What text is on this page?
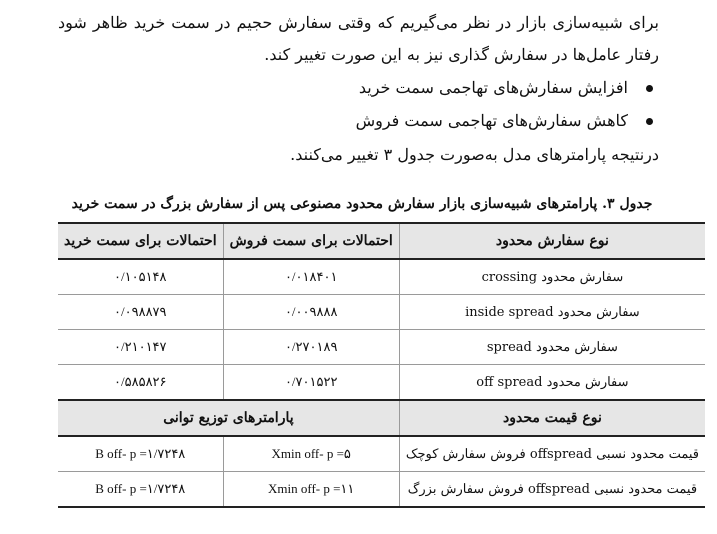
برای شبیه‌سازی بازار در نظر می‌گیریم که وقتی سفارش حجیم در سمت خرید ظاهر شود
رفتار عامل‌ها در سفارش گذاری نیز به این صورت تغییر کند.
افزایش سفارش‌های تهاجمی سمت خرید
کاهش سفارش‌های تهاجمی سمت فروش
درنتیجه پارامترهای مدل به‌صورت جدول ۳ تغییر می‌کنند.
جدول ۳. پارامترهای شبیه‌سازی بازار سفارش محدود مصنوعی پس از سفارش بزرگ در سمت خرید
نوع سفارش محدود	احتمالات برای سمت فروش	احتمالات برای سمت خرید
سفارش محدود crossing	۰/۰۱۸۴۰۱	۰/۱۰۵۱۴۸
سفارش محدود inside spread	۰/۰۰۹۸۸۸	۰/۰۹۸۸۷۹
سفارش محدود spread	۰/۲۷۰۱۸۹	۰/۲۱۰۱۴۷
سفارش محدود off spread	۰/۷۰۱۵۲۲	۰/۵۸۵۸۲۶
نوع قیمت محدود	پارامترهای توزیع توانی	
قیمت محدود نسبی offspread فروش سفارش کوچک	Xmin off- p =۵	B off- p =۱/۷۲۴۸
قیمت محدود نسبی offspread فروش سفارش بزرگ	Xmin off- p =۱۱	B off- p =۱/۷۲۴۸
